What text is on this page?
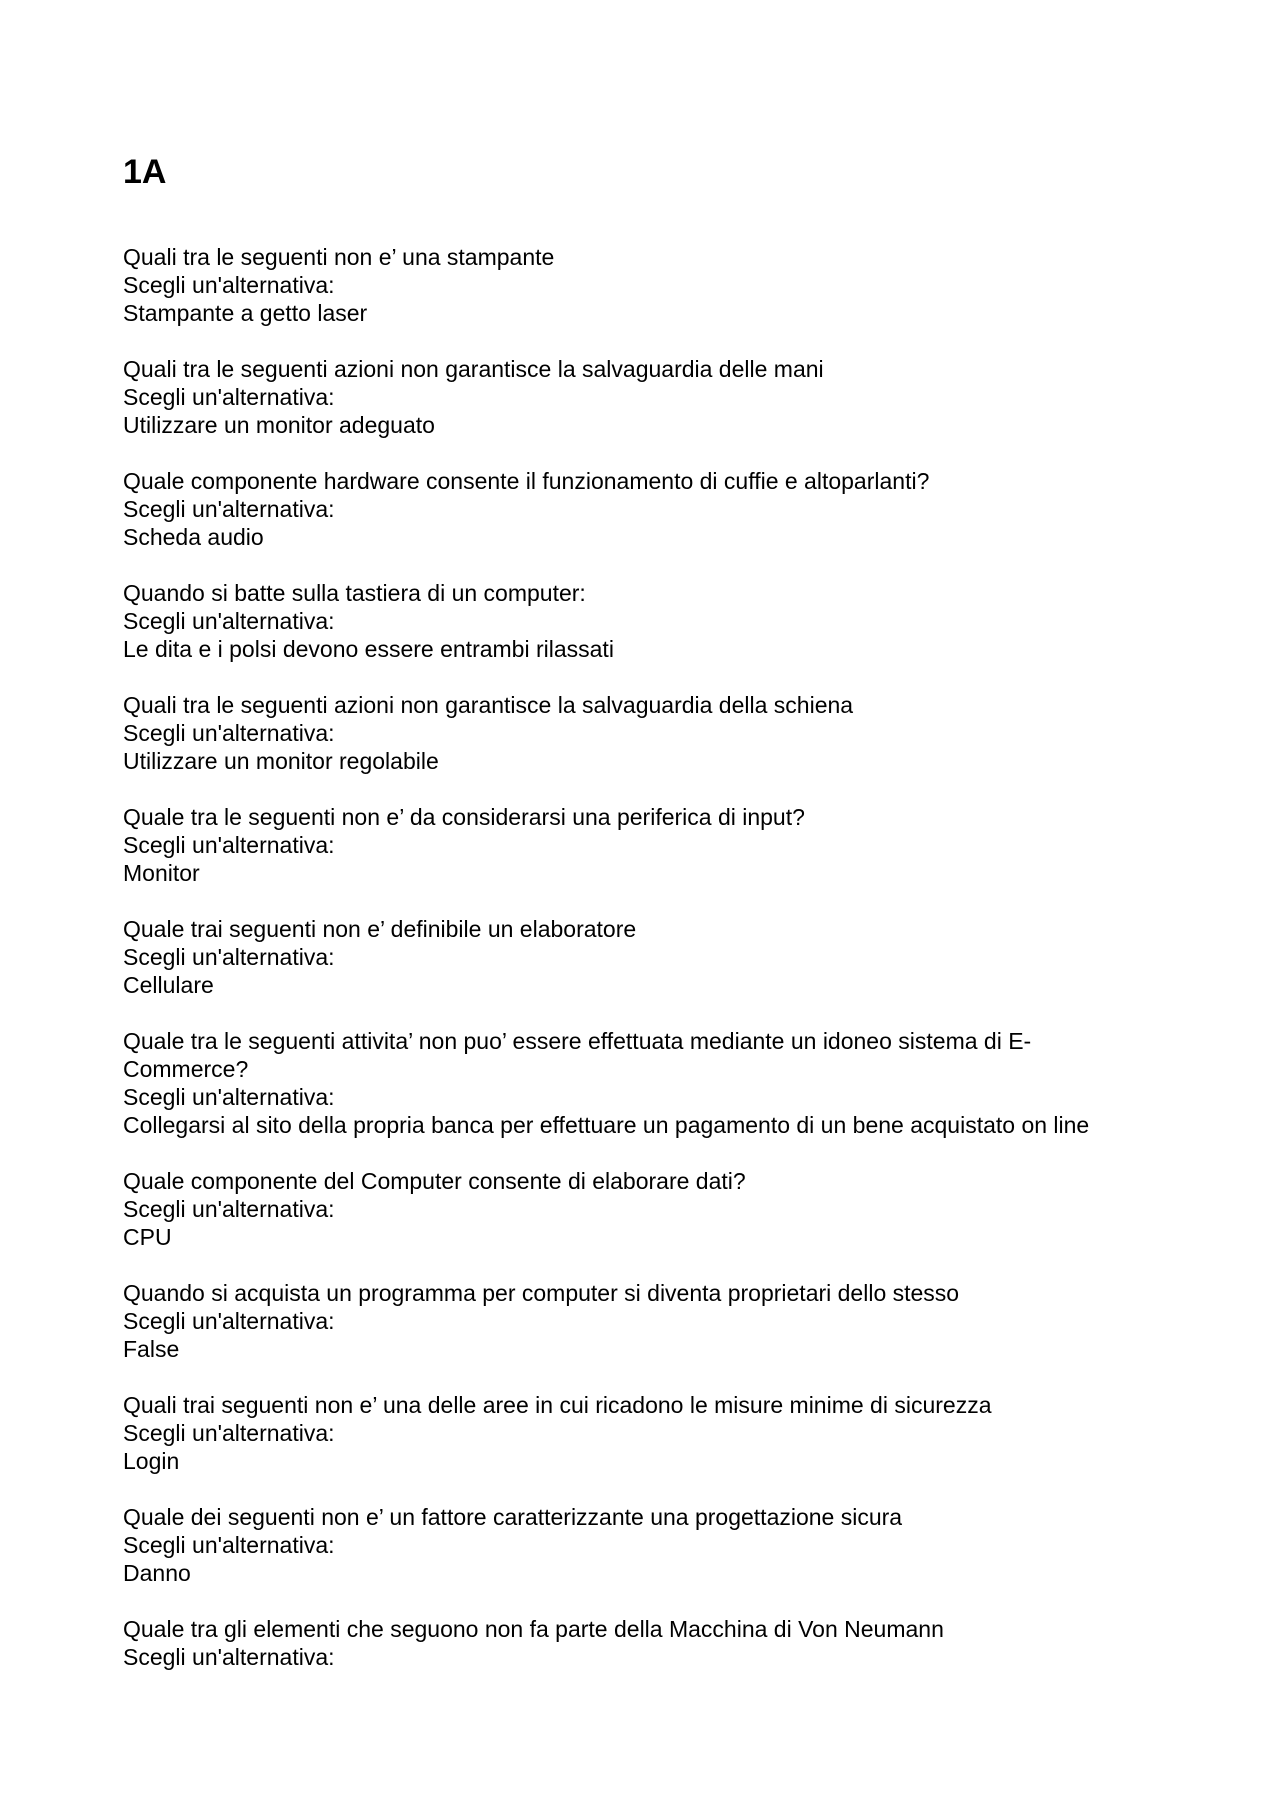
1A
Quali tra le seguenti non e’ una stampante
Scegli un'alternativa:
Stampante a getto laser
Quali tra le seguenti azioni non garantisce la salvaguardia delle mani
Scegli un'alternativa:
Utilizzare un monitor adeguato
Quale componente hardware consente il funzionamento di cuffie e altoparlanti?
Scegli un'alternativa:
Scheda audio
Quando si batte sulla tastiera di un computer:
Scegli un'alternativa:
Le dita e i polsi devono essere entrambi rilassati
Quali tra le seguenti azioni non garantisce la salvaguardia della schiena
Scegli un'alternativa:
Utilizzare un monitor regolabile
Quale tra le seguenti non e’ da considerarsi una periferica di input?
Scegli un'alternativa:
Monitor
Quale trai seguenti non e’ definibile un elaboratore
Scegli un'alternativa:
Cellulare
Quale tra le seguenti attivita’ non puo’ essere effettuata mediante un idoneo sistema di E-
Commerce?
Scegli un'alternativa:
Collegarsi al sito della propria banca per effettuare un pagamento di un bene acquistato on line
Quale componente del Computer consente di elaborare dati?
Scegli un'alternativa:
CPU
Quando si acquista un programma per computer si diventa proprietari dello stesso
Scegli un'alternativa:
False
Quali trai seguenti non e’ una delle aree in cui ricadono le misure minime di sicurezza
Scegli un'alternativa:
Login
Quale dei seguenti non e’ un fattore caratterizzante una progettazione sicura
Scegli un'alternativa:
Danno
Quale tra gli elementi che seguono non fa parte della Macchina di Von Neumann
Scegli un'alternativa:
